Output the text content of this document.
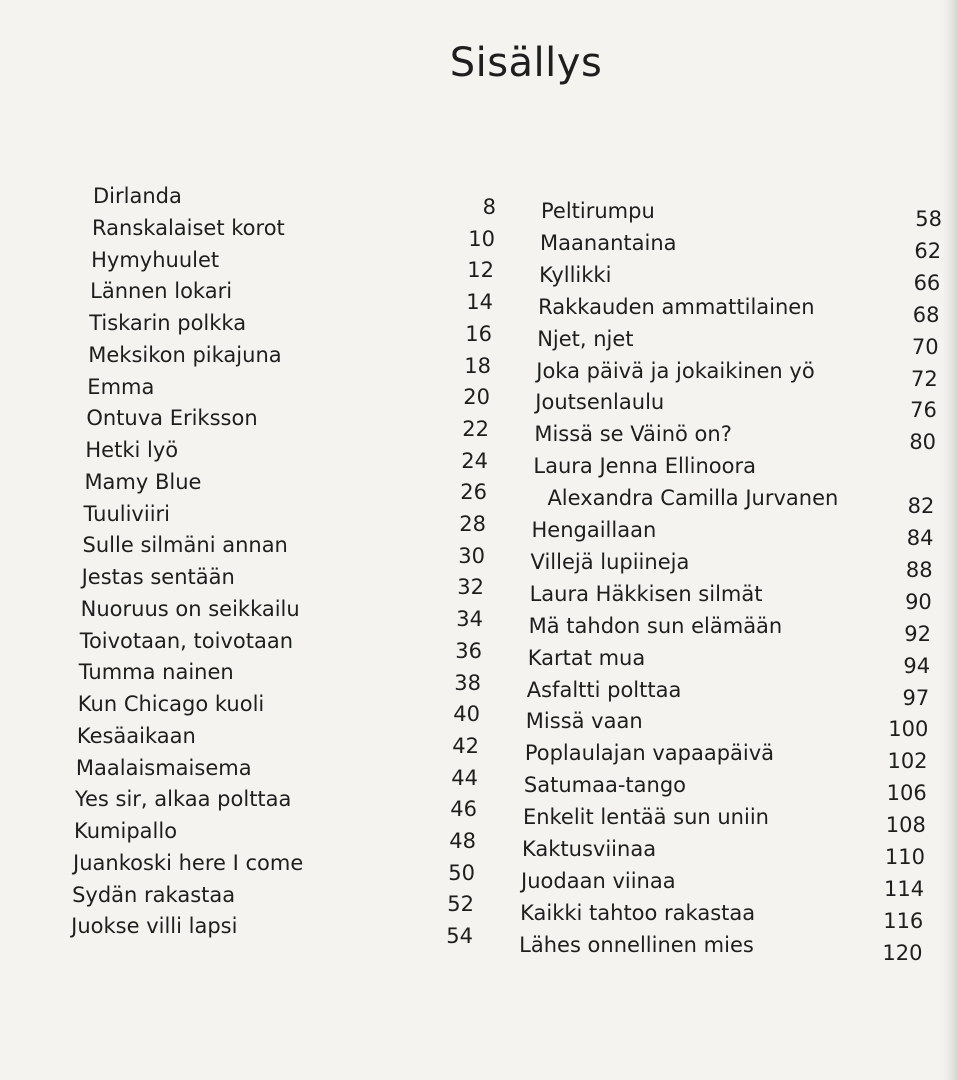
Sisällys
Dirlanda	8
Ranskalaiset korot	10
Hymyhuulet	12
Lännen lokari	14
Tiskarin polkka	16
Meksikon pikajuna	18
Emma	20
Ontuva Eriksson	22
Hetki lyö	24
Mamy Blue	26
Tuuliviiri	28
Sulle silmäni annan	30
Jestas sentään	32
Nuoruus on seikkailu	34
Toivotaan, toivotaan	36
Tumma nainen	38
Kun Chicago kuoli	40
Kesäaikaan	42
Maalaismaisema	44
Yes sir, alkaa polttaa	46
Kumipallo	48
Juankoski here I come	50
Sydän rakastaa	52
Juokse villi lapsi	54
Peltirumpu	58
Maanantaina	62
Kyllikki	66
Rakkauden ammattilainen	68
Njet, njet	70
Joka päivä ja jokaikinen yö	72
Joutsenlaulu	76
Missä se Väinö on?	80
Laura Jenna Ellinoora
Alexandra Camilla Jurvanen	82
Hengaillaan	84
Villejä lupiineja	88
Laura Häkkisen silmät	90
Mä tahdon sun elämään	92
Kartat mua	94
Asfaltti polttaa	97
Missä vaan	100
Poplaulajan vapaapäivä	102
Satumaa-tango	106
Enkelit lentää sun uniin	108
Kaktusviinaa	110
Juodaan viinaa	114
Kaikki tahtoo rakastaa	116
Lähes onnellinen mies	120
